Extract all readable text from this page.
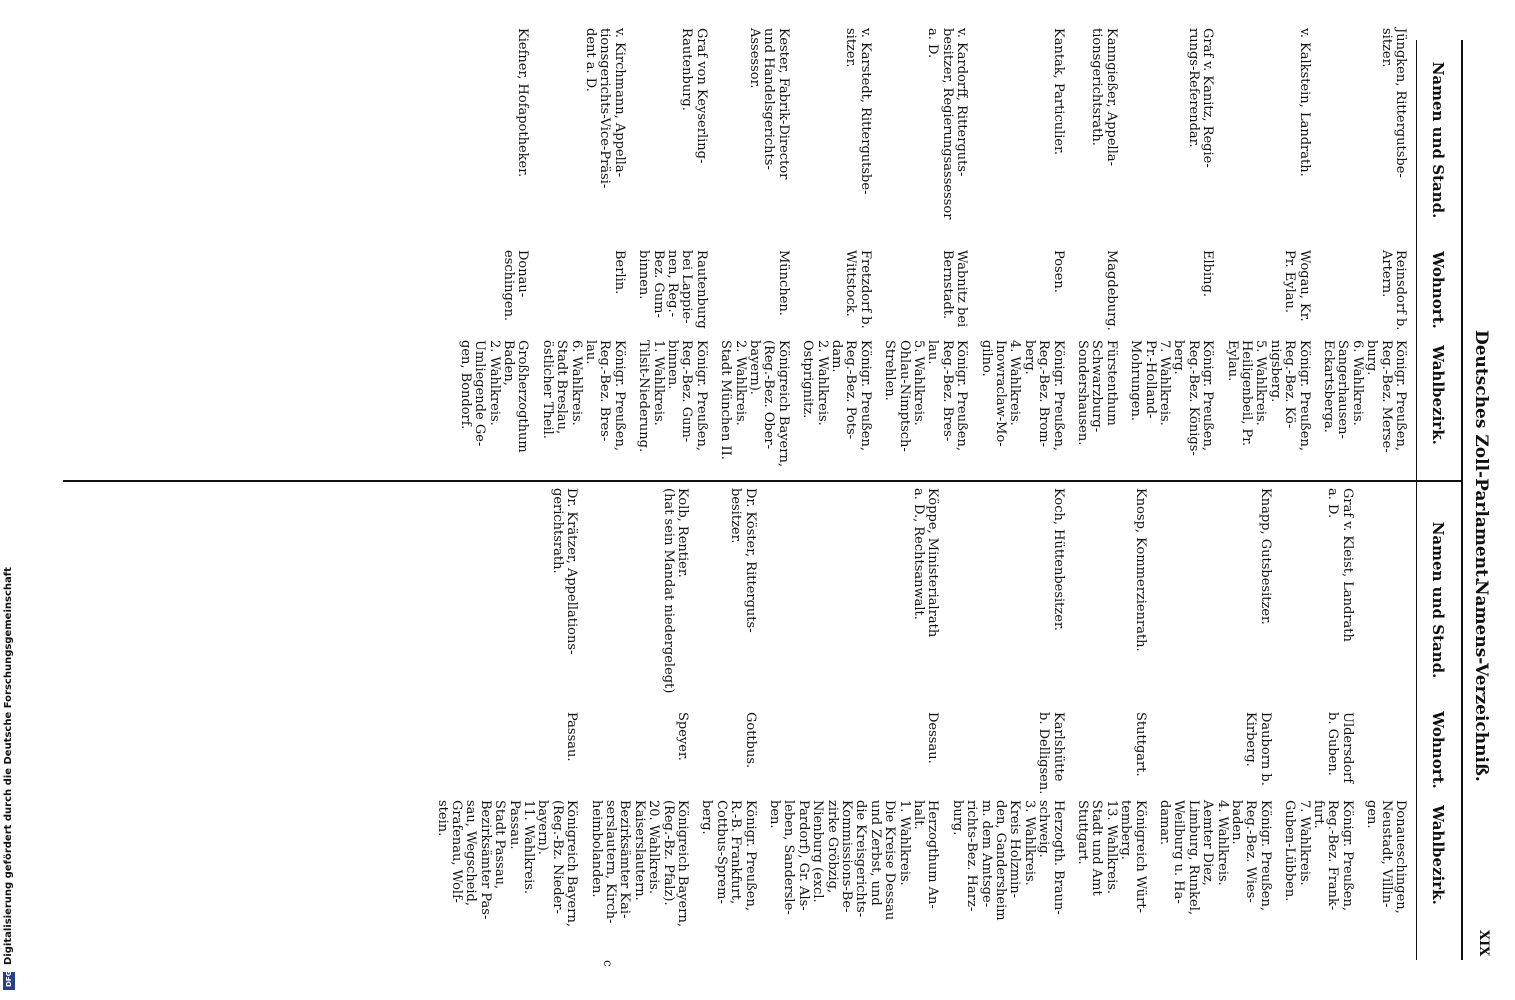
Deutsches Zoll-Parlament.
Namens-Verzeichniß.
XIX
Namen und Stand.
Wohnort.
Wahlbezirk.
Namen und Stand.
Wohnort.
Wahlbezirk.
Jüngken, Rittergutsbe-
sitzer.
Reinsdorf b.
Artern.
Königr. Preußen,
Reg.-Bez. Merse-
burg.
6. Wahlkreis.
Sangerhausen-
Eckartsberga.
v. Kalkstein, Landrath.
Wogau, Kr.
Pr. Eylau.
Königr. Preußen,
Reg.-Bez. Kö-
nigsberg.
5. Wahlkreis.
Heiligenbeil, Pr.
Eylau.
Graf v. Kanitz, Regie-
rungs-Referendar.
Elbing.
Königr. Preußen,
Reg.-Bez. Königs-
berg.
7. Wahlkreis.
Pr.-Holland-
Mohrungen.
Kanngießer, Appella-
tionsgerichtsrath.
Magdeburg.
Fürstenthum
Schwarzburg-
Sondershausen.
Kantak, Particulier.
Posen.
Königr. Preußen,
Reg.-Bez. Brom-
berg.
4. Wahlkreis.
Inowraclaw-Mo-
gilno.
v. Kardorff, Ritterguts-
besitzer, Regierungsassessor
a. D.
Wabnitz bei
Bernstadt.
Königr. Preußen,
Reg.-Bez. Bres-
lau.
5. Wahlkreis.
Ohlau-Nimptsch-
Strehlen.
v. Karstedt, Rittergutsbe-
sitzer.
Fretzdorf b.
Wittstock.
Königr. Preußen,
Reg.-Bez. Pots-
dam.
2. Wahlkreis.
Ostprignitz.
Kester, Fabrik-Director
und Handelsgerichts-
Assessor.
München.
Königreich Bayern,
(Reg.-Bez. Ober-
bayern).
2. Wahlkreis.
Stadt München II.
Graf von Keyserling-
Rautenburg.
Rautenburg
bei Lappie-
nen, Reg.-
Bez. Gum-
binnen.
Königr. Preußen,
Reg.-Bez. Gum-
binnen.
1. Wahlkreis.
Tilsit-Niederung.
v. Kirchmann, Appella-
tionsgerichts-Vice-Präsi-
dent a. D.
Berlin.
Königr. Preußen,
Reg.-Bez. Bres-
lau.
6. Wahlkreis.
Stadt Breslau,
östlicher Theil.
Kiefner, Hofapotheker.
Donau-
eschingen.
Großherzogthum
Baden,
2. Wahlkreis.
Umliegende Ge-
gen, Bondorf.
Donaueschingen,
Neustadt, Villin-
gen.
Graf v. Kleist, Landrath
a. D.
Uldersdorf
b. Guben.
Königr. Preußen,
Reg.-Bez. Frank-
furt.
7. Wahlkreis.
Guben-Lübben.
Knapp, Gutsbesitzer.
Dauborn b.
Kirberg.
Königr. Preußen,
Reg.-Bez. Wies-
baden.
4. Wahlkreis.
Aemter Diez,
Limburg, Runkel,
Weilburg u. Ha-
damar.
Knosp, Kommerzienrath.
Stuttgart.
Königreich Würt-
temberg.
13. Wahlkreis.
Stadt und Amt
Stuttgart.
Koch, Hüttenbesitzer.
Karlshütte
b. Delligsen.
Herzogth. Braun-
schweig.
3. Wahlkreis.
Kreis Holzmin-
den, Gandersheim
m. dem Amtsge-
richts-Bez. Harz-
burg.
Köppe, Ministerialrath
a. D., Rechtsanwalt.
Dessau.
Herzogthum An-
halt.
1. Wahlkreis.
Die Kreise Dessau
und Zerbst, und
die Kreisgerichts-
Kommissions-Be-
zirke Gröbzig,
Nienburg (excl.
Pardorf), Gr. Als-
leben, Sandersle-
ben.
Dr. Köster, Ritterguts-
besitzer.
Gottbus.
Königr. Preußen,
R.-B. Frankfurt,
Cottbus-Sprem-
berg.
Kolb, Rentier.
(hat sein Mandat niedergelegt)
Speyer.
Königreich Bayern,
(Reg.-Bz. Pfalz).
20. Wahlkreis.
Kaiserslautern.
Bezirksämter Kai-
serslautern, Kirch-
heimbolanden.
Dr. Krätzer, Appellations-
gerichtsrath.
Passau.
Königreich Bayern,
(Reg.-Bz. Nieder-
bayern).
11. Wahlkreis.
Passau.
Stadt Passau,
Bezirksämter Pas-
sau, Wegscheid,
Grafenau, Wolf-
stein.
c
Digitalisierung gefördert durch die Deutsche Forschungsgemeinschaft
DFG
